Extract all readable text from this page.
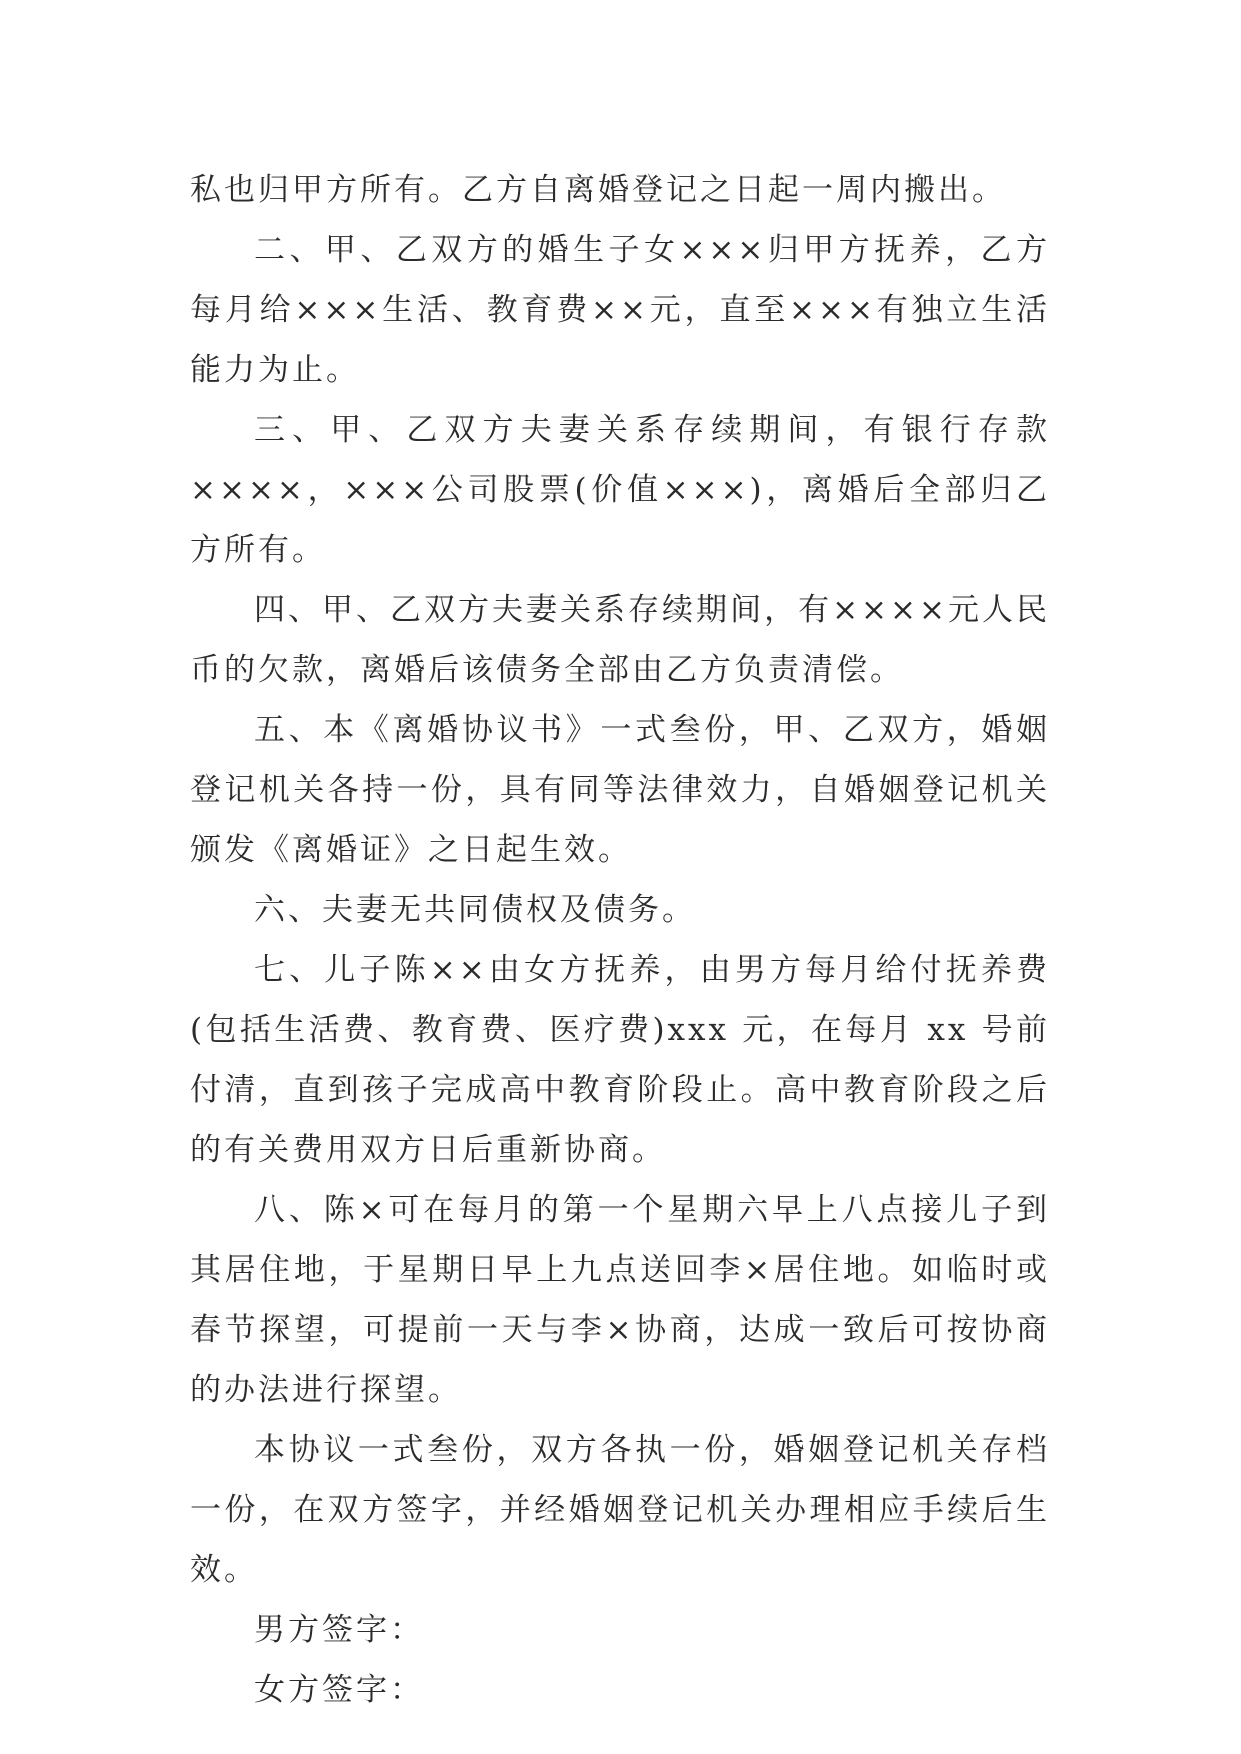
私也归甲方所有。乙方自离婚登记之日起一周内搬出。

二、甲、乙双方的婚生子女×××归甲方抚养，乙方每月给×××生活、教育费××元，直至×××有独立生活能力为止。

三、甲、乙双方夫妻关系存续期间，有银行存款××××，×××公司股票(价值×××)，离婚后全部归乙方所有。

四、甲、乙双方夫妻关系存续期间，有××××元人民币的欠款，离婚后该债务全部由乙方负责清偿。

五、本《离婚协议书》一式叁份，甲、乙双方，婚姻登记机关各持一份，具有同等法律效力，自婚姻登记机关颁发《离婚证》之日起生效。

六、夫妻无共同债权及债务。

七、儿子陈××由女方抚养，由男方每月给付抚养费(包括生活费、教育费、医疗费)xxx 元，在每月 xx 号前付清，直到孩子完成高中教育阶段止。高中教育阶段之后的有关费用双方日后重新协商。

八、陈×可在每月的第一个星期六早上八点接儿子到其居住地，于星期日早上九点送回李×居住地。如临时或春节探望，可提前一天与李×协商，达成一致后可按协商的办法进行探望。

本协议一式叁份，双方各执一份，婚姻登记机关存档一份，在双方签字，并经婚姻登记机关办理相应手续后生效。

男方签字：

女方签字：
